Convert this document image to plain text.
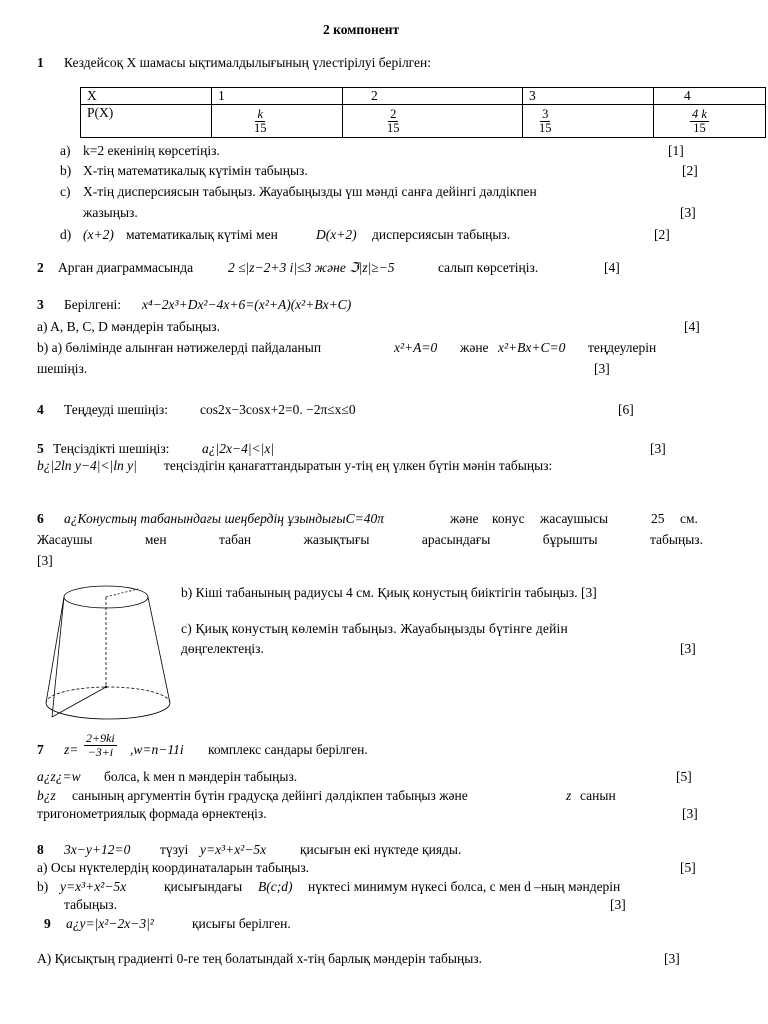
2 компонент
1 Кездейсоқ X шамасы ықтималдылығының үлестірілуі берілген:
X	1	2	3	4
P(X)	$\frac{k}{15}$	$\frac{2}{15}$	$\frac{3}{15}$	$\frac{4 k}{15}$
a) k=2 екенінің көрсетіңіз.	[1]
b) Х-тің математикалық күтімін табыңыз.	[2]
c) Х-тің дисперсиясын табыңыз. Жауабыңызды үш мәнді санға дейінгі дәлдікпен
жазыңыз.	[3]
d) (x+2) математикалық күтімі мен	D(x+2) дисперсиясын табыңыз.	[2]
2 Арган диаграммасында	2 ≤|z−2+3 i|≤3 және ℑ|z|≥−5	салып көрсетіңіз.	[4]
3 Берілгені: x⁴−2x³+Dx²−4x+6=(x²+A)(x²+Bx+C)
a) A, B, C, D мәндерін табыңыз.	[4]
b) а) бөлімінде алынған нәтижелерді пайдаланып	x²+A=0 және x²+Bx+C=0 теңдеулерін
шешіңіз.	[3]
4 Теңдеуді шешіңіз: cos2x−3cosx+2=0. −2π≤x≤0	[6]
5 Теңсіздікті шешіңіз: a¿|2x−4|<|x|	[3]
b¿|2ln y−4|<|ln y| теңсіздігін қанағаттандыратын у-тің ең үлкен бүтін мәнін табыңыз:
6 a¿Конустың табанындағы шеңбердің ұзындығыC=40π	және конус жасаушысы	25 см.
Жасаушы	мен	табан	жазықтығы	арасындағы	бұрышты	табыңыз.
[3]
b) Кіші табанының радиусы 4 см. Қиық конустың биіктігін табыңыз. [3]
c) Қиық конустың көлемін табыңыз. Жауабыңызды бүтінге дейін
дөңгелектеңіз.	[3]
7 $z= \frac{2+9ki}{-3+i} ,w=n-11i$ комплекс сандары берілген.
a¿z¿=w болса, k мен n мәндерін табыңыз.	[5]
b¿z санының аргументін бүтін градусқа дейінгі дәлдікпен табыңыз және	z санын
тригонометриялық формада өрнектеңіз.	[3]
8 3x−y+12=0 түзуі y=x³+x²−5x	қисығын екі нүктеде қияды.
a) Осы нүктелердің координаталарын табыңыз.	[5]
b) y=x³+x²−5x	қисығындағы B(c;d) нүктесі минимум нүкесі болса, c мен d –ның мәндерін
табыңыз.	[3]
9 a¿y=|x²−2x−3|²	қисығы берілген.
A) Қисықтың градиенті 0-ге тең болатындай x-тің барлық мәндерін табыңыз.	[3]
